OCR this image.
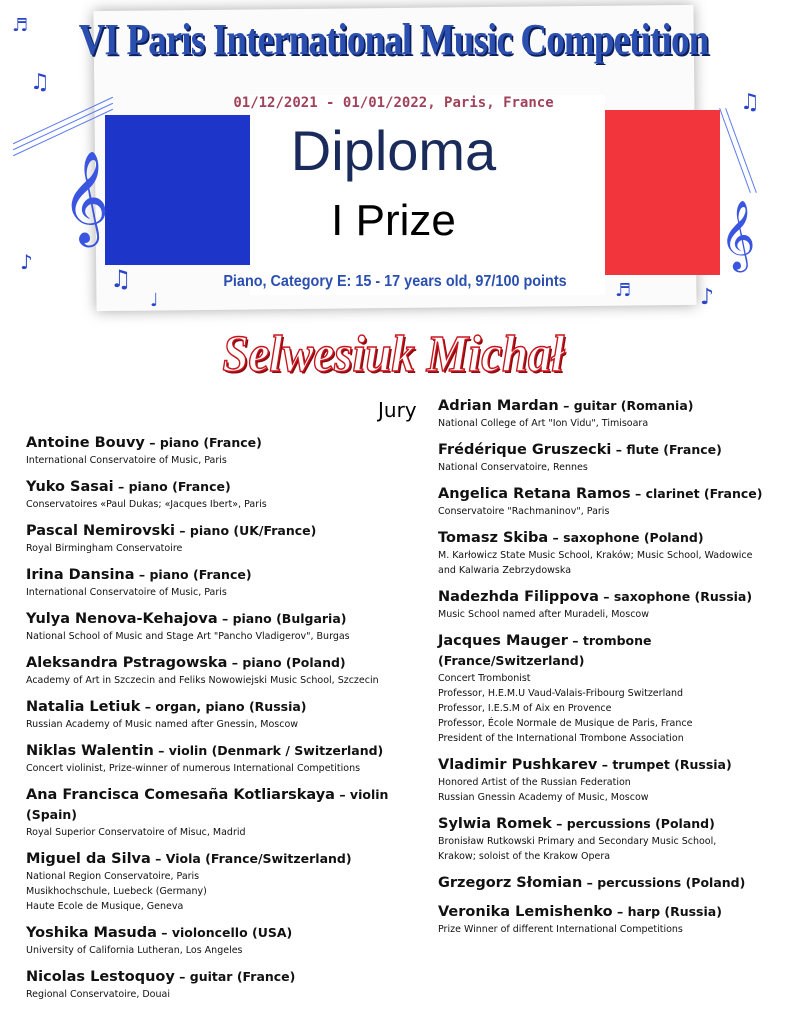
𝄞	𝄞
♫
♪
♫
♩
♫
♪
♬
♬	VI Paris International Music Competition
01/12/2021 - 01/01/2022, Paris, France
Diploma
I Prize
Piano, Category E: 15 - 17 years old, 97/100 points
Selwesiuk Michał
Jury
Antoine Bouvy – piano (France)
International Conservatoire of Music, Paris
Yuko Sasai – piano (France)
Conservatoires «Paul Dukas; «Jacques Ibert», Paris
Pascal Nemirovski – piano (UK/France)
Royal Birmingham Conservatoire
Irina Dansina – piano (France)
International Conservatoire of Music, Paris
Yulya Nenova-Kehajova – piano (Bulgaria)
National School of Music and Stage Art "Pancho Vladigerov", Burgas
Aleksandra Pstragowska – piano (Poland)
Academy of Art in Szczecin and Feliks Nowowiejski Music School, Szczecin
Natalia Letiuk – organ, piano (Russia)
Russian Academy of Music named after Gnessin, Moscow
Niklas Walentin – violin (Denmark / Switzerland)
Concert violinist, Prize-winner of numerous International Competitions
Ana Francisca Comesaña Kotliarskaya – violin (Spain)
Royal Superior Conservatoire of Misuc, Madrid
Miguel da Silva – Viola (France/Switzerland)
National Region Conservatoire, Paris
Musikhochschule, Luebeck (Germany)
Haute Ecole de Musique, Geneva
Yoshika Masuda – violoncello (USA)
University of California Lutheran, Los Angeles
Nicolas Lestoquoy – guitar (France)
Regional Conservatoire, Douai
Adrian Mardan – guitar (Romania)
National College of Art "Ion Vidu", Timisoara
Frédérique Gruszecki – flute (France)
National Conservatoire, Rennes
Angelica Retana Ramos – clarinet (France)
Conservatoire "Rachmaninov", Paris
Tomasz Skiba – saxophone (Poland)
M. Karłowicz State Music School, Kraków; Music School, Wadowice
and Kalwaria Zebrzydowska
Nadezhda Filippova – saxophone (Russia)
Music School named after Muradeli, Moscow
Jacques Mauger – trombone (France/Switzerland)
Concert Trombonist
Professor, H.E.M.U Vaud-Valais-Fribourg Switzerland
Professor, I.E.S.M of Aix en Provence
Professor, École Normale de Musique de Paris, France
President of the International Trombone Association
Vladimir Pushkarev – trumpet (Russia)
Honored Artist of the Russian Federation
Russian Gnessin Academy of Music, Moscow
Sylwia Romek – percussions (Poland)
Bronisław Rutkowski Primary and Secondary Music School,
Krakow; soloist of the Krakow Opera
Grzegorz Słomian – percussions (Poland)
Veronika Lemishenko – harp (Russia)
Prize Winner of different International Competitions
